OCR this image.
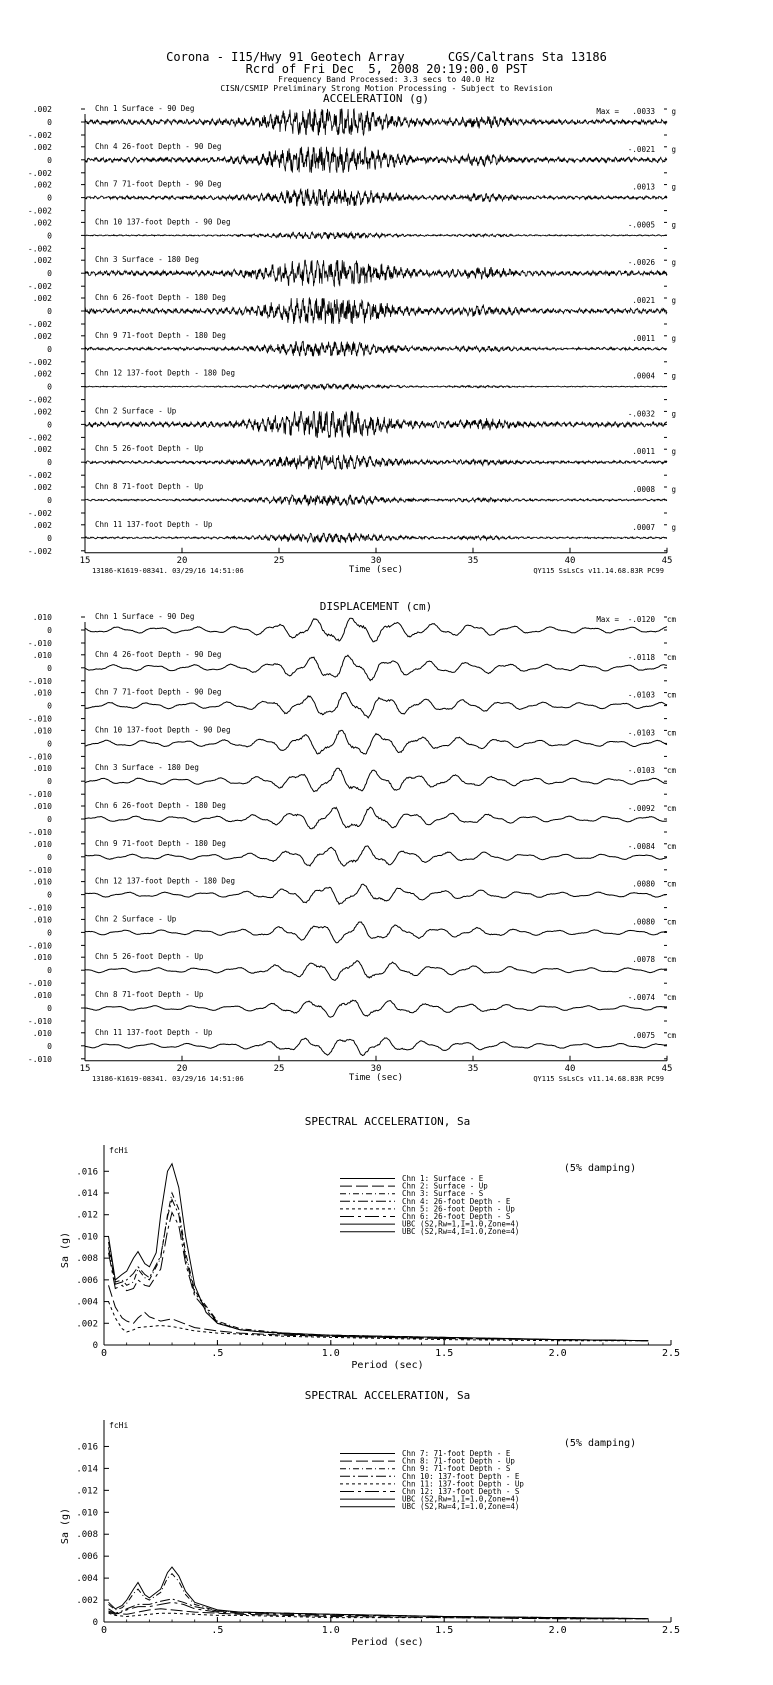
Corona - I15/Hwy 91 Geotech Array      CGS/Caltrans Sta 13186
Rcrd of Fri Dec  5, 2008 20:19:00.0 PST
Frequency Band Processed: 3.3 secs to 40.0 Hz
CISN/CSMIP Preliminary Strong Motion Processing - Subject to Revision
ACCELERATION (g)
.002
0
-.002
Chn 1 Surface - 90 Deg	Max = .0033 g
.002
0
-.002
Chn 4 26-foot Depth - 90 Deg	-.0021 g
.002
0
-.002
Chn 7 71-foot Depth - 90 Deg	.0013 g
.002
0
-.002
Chn 10 137-foot Depth - 90 Deg	-.0005 g
.002
0
-.002
Chn 3 Surface - 180 Deg	-.0026 g
.002
0
-.002
Chn 6 26-foot Depth - 180 Deg	.0021 g
.002
0
-.002
Chn 9 71-foot Depth - 180 Deg	.0011 g
.002
0
-.002
Chn 12 137-foot Depth - 180 Deg	.0004 g
.002
0
-.002
Chn 2 Surface - Up	-.0032 g
.002
0
-.002
Chn 5 26-foot Depth - Up	.0011 g
.002
0
-.002
Chn 8 71-foot Depth - Up	.0008 g
.002
0
-.002
Chn 11 137-foot Depth - Up	.0007 g
15	20	25	30	35	40	45
Time (sec)
13186-K1619-08341. 03/29/16 14:51:06	QY115 SsLsCs v11.14.68.83R PC99
DISPLACEMENT (cm)
.010
0
-.010
Chn 1 Surface - 90 Deg	Max = -.0120 cm
.010
0
-.010
Chn 4 26-foot Depth - 90 Deg	-.0118 cm
.010
0
-.010
Chn 7 71-foot Depth - 90 Deg	-.0103 cm
.010
0
-.010
Chn 10 137-foot Depth - 90 Deg	-.0103 cm
.010
0
-.010
Chn 3 Surface - 180 Deg	-.0103 cm
.010
0
-.010
Chn 6 26-foot Depth - 180 Deg	-.0092 cm
.010
0
-.010
Chn 9 71-foot Depth - 180 Deg	-.0084 cm
.010
0
-.010
Chn 12 137-foot Depth - 180 Deg	.0080 cm
.010
0
-.010
Chn 2 Surface - Up	.0080 cm
.010
0
-.010
Chn 5 26-foot Depth - Up	.0078 cm
.010
0
-.010
Chn 8 71-foot Depth - Up	-.0074 cm
.010
0
-.010
Chn 11 137-foot Depth - Up	.0075 cm
15	20	25	30	35	40	45
Time (sec)
13186-K1619-08341. 03/29/16 14:51:06	QY115 SsLsCs v11.14.68.83R PC99
SPECTRAL ACCELERATION, Sa
fcHi
(5% damping)
0
.002
.004
.006
.008
.010
.012
.014
.016
0	.5	1.0	1.5	2.0	2.5
Period (sec)
Sa (g)
Chn 1: Surface - E
Chn 2: Surface - Up
Chn 3: Surface - S
Chn 4: 26-foot Depth - E
Chn 5: 26-foot Depth - Up
Chn 6: 26-foot Depth - S
UBC (S2,Rw=1,I=1.0,Zone=4)
UBC (S2,Rw=4,I=1.0,Zone=4)
SPECTRAL ACCELERATION, Sa
fcHi
(5% damping)
0
.002
.004
.006
.008
.010
.012
.014
.016
0	.5	1.0	1.5	2.0	2.5
Period (sec)
Sa (g)
Chn 7: 71-foot Depth - E
Chn 8: 71-foot Depth - Up
Chn 9: 71-foot Depth - S
Chn 10: 137-foot Depth - E
Chn 11: 137-foot Depth - Up
Chn 12: 137-foot Depth - S
UBC (S2,Rw=1,I=1.0,Zone=4)
UBC (S2,Rw=4,I=1.0,Zone=4)
